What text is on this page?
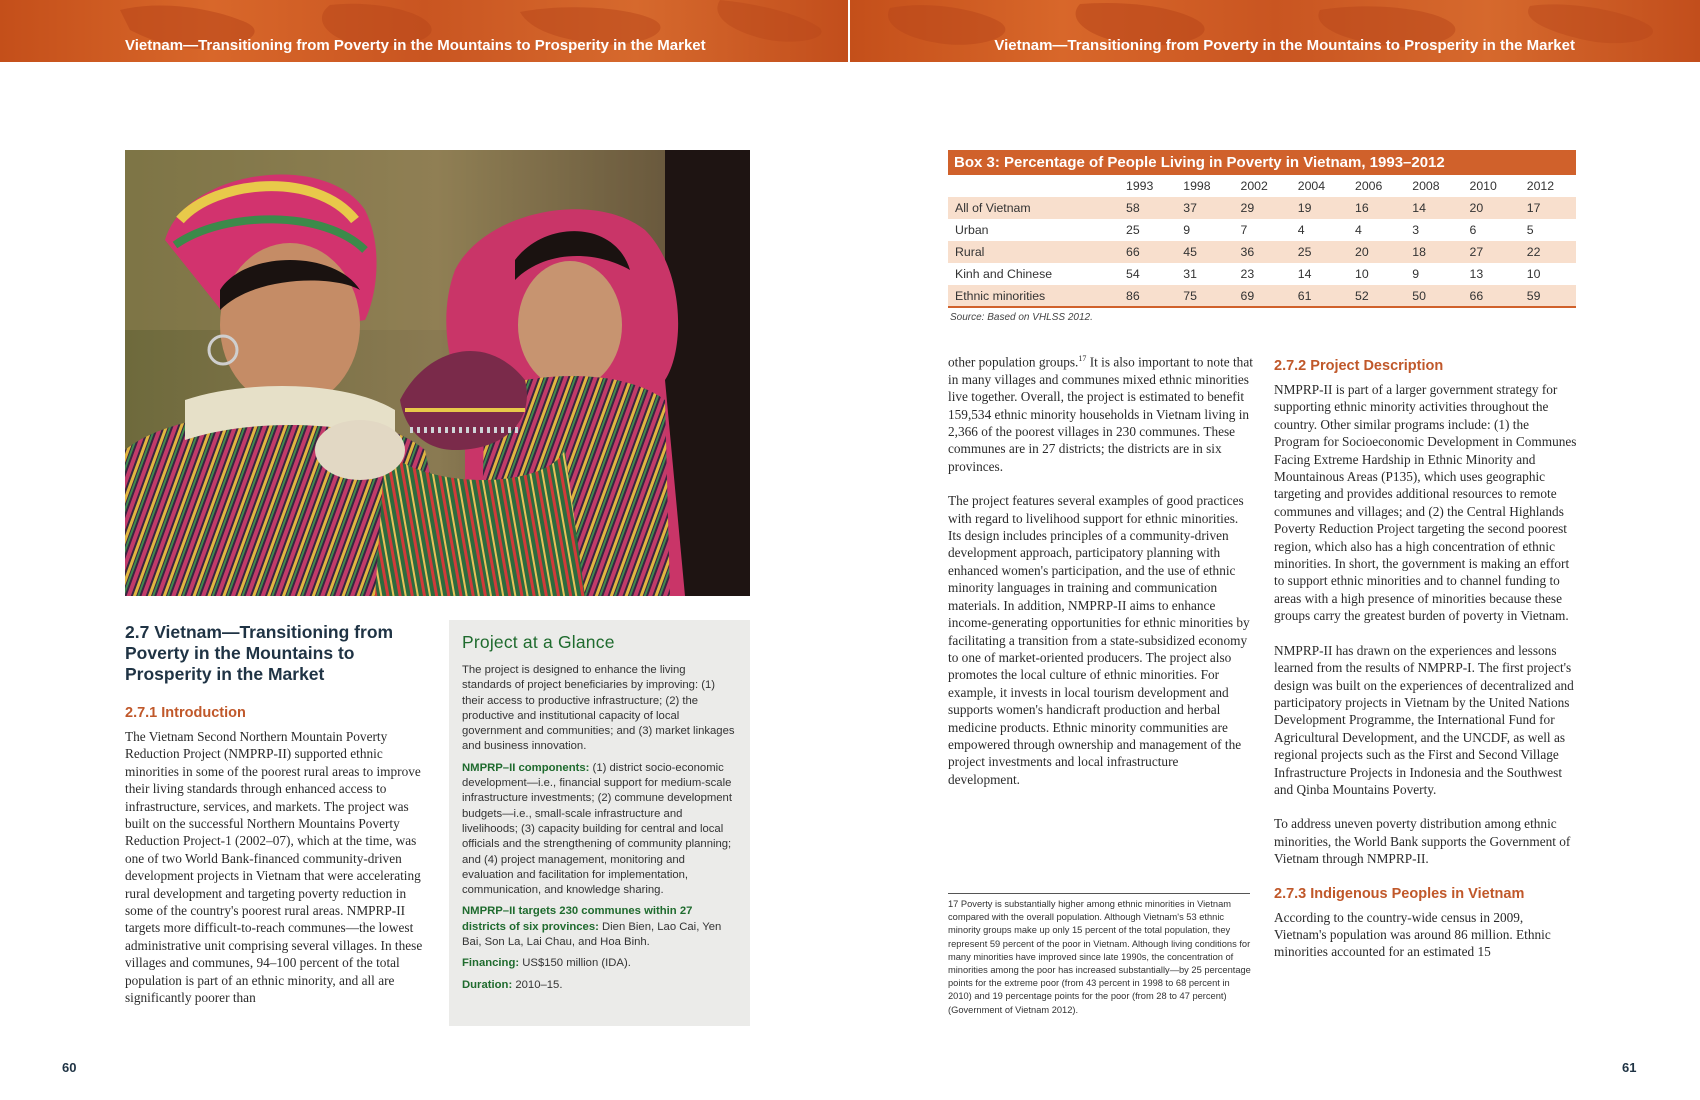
Vietnam—Transitioning from Poverty in the Mountains to Prosperity in the Market	Vietnam—Transitioning from Poverty in the Mountains to Prosperity in the Market
2.7 Vietnam—Transitioning from Poverty in the Mountains to Prosperity in the Market
2.7.1 Introduction

The Vietnam Second Northern Mountain Poverty Reduction Project (NMPRP-II) supported ethnic minorities in some of the poorest rural areas to improve their living standards through enhanced access to infrastructure, services, and markets. The project was built on the successful Northern Mountains Poverty Reduction Project-1 (2002–07), which at the time, was one of two World Bank-financed community-driven development projects in Vietnam that were accelerating rural development and targeting poverty reduction in some of the country's poorest rural areas. NMPRP-II targets more difficult-to-reach communes—the lowest administrative unit comprising several villages. In these villages and communes, 94–100 percent of the total population is part of an ethnic minority, and all are significantly poorer than

Project at a Glance

The project is designed to enhance the living standards of project beneficiaries by improving: (1) their access to productive infrastructure; (2) the productive and institutional capacity of local government and communities; and (3) market linkages and business innovation.

NMPRP–II components: (1) district socio-economic development—i.e., financial support for medium-scale infrastructure investments; (2) commune development budgets—i.e., small-scale infrastructure and livelihoods; (3) capacity building for central and local officials and the strengthening of community planning; and (4) project management, monitoring and evaluation and facilitation for implementation, communication, and knowledge sharing.

NMPRP–II targets 230 communes within 27 districts of six provinces: Dien Bien, Lao Cai, Yen Bai, Son La, Lai Chau, and Hoa Binh.

Financing: US$150 million (IDA).

Duration: 2010–15.

60
Box 3: Percentage of People Living in Poverty in Vietnam, 1993–2012
	1993	1998	2002	2004	2006	2008	2010	2012
All of Vietnam	58	37	29	19	16	14	20	17
Urban	25	9	7	4	4	3	6	5
Rural	66	45	36	25	20	18	27	22
Kinh and Chinese	54	31	23	14	10	9	13	10
Ethnic minorities	86	75	69	61	52	50	66	59
Source: Based on VHLSS 2012.

other population groups.$^{17}$ It is also important to note that in many villages and communes mixed ethnic minorities live together. Overall, the project is estimated to benefit 159,534 ethnic minority households in Vietnam living in 2,366 of the poorest villages in 230 communes. These communes are in 27 districts; the districts are in six provinces.

The project features several examples of good practices with regard to livelihood support for ethnic minorities. Its design includes principles of a community-driven development approach, participatory planning with enhanced women's participation, and the use of ethnic minority languages in training and communication materials. In addition, NMPRP-II aims to enhance income-generating opportunities for ethnic minorities by facilitating a transition from a state-subsidized economy to one of market-oriented producers. The project also promotes the local culture of ethnic minorities. For example, it invests in local tourism development and supports women's handicraft production and herbal medicine products. Ethnic minority communities are empowered through ownership and management of the project investments and local infrastructure development.

17 Poverty is substantially higher among ethnic minorities in Vietnam compared with the overall population. Although Vietnam's 53 ethnic minority groups make up only 15 percent of the total population, they represent 59 percent of the poor in Vietnam. Although living conditions for many minorities have improved since late 1990s, the concentration of minorities among the poor has increased substantially—by 25 percentage points for the extreme poor (from 43 percent in 1998 to 68 percent in 2010) and 19 percentage points for the poor (from 28 to 47 percent) (Government of Vietnam 2012).
2.7.2 Project Description

NMPRP-II is part of a larger government strategy for supporting ethnic minority activities throughout the country. Other similar programs include: (1) the Program for Socioeconomic Development in Communes Facing Extreme Hardship in Ethnic Minority and Mountainous Areas (P135), which uses geographic targeting and provides additional resources to remote communes and villages; and (2) the Central Highlands Poverty Reduction Project targeting the second poorest region, which also has a high concentration of ethnic minorities. In short, the government is making an effort to support ethnic minorities and to channel funding to areas with a high presence of minorities because these groups carry the greatest burden of poverty in Vietnam.

NMPRP-II has drawn on the experiences and lessons learned from the results of NMPRP-I. The first project's design was built on the experiences of decentralized and participatory projects in Vietnam by the United Nations Development Programme, the International Fund for Agricultural Development, and the UNCDF, as well as regional projects such as the First and Second Village Infrastructure Projects in Indonesia and the Southwest and Qinba Mountains Poverty.

To address uneven poverty distribution among ethnic minorities, the World Bank supports the Government of Vietnam through NMPRP-II.

2.7.3 Indigenous Peoples in Vietnam

According to the country-wide census in 2009, Vietnam's population was around 86 million. Ethnic minorities accounted for an estimated 15

61
